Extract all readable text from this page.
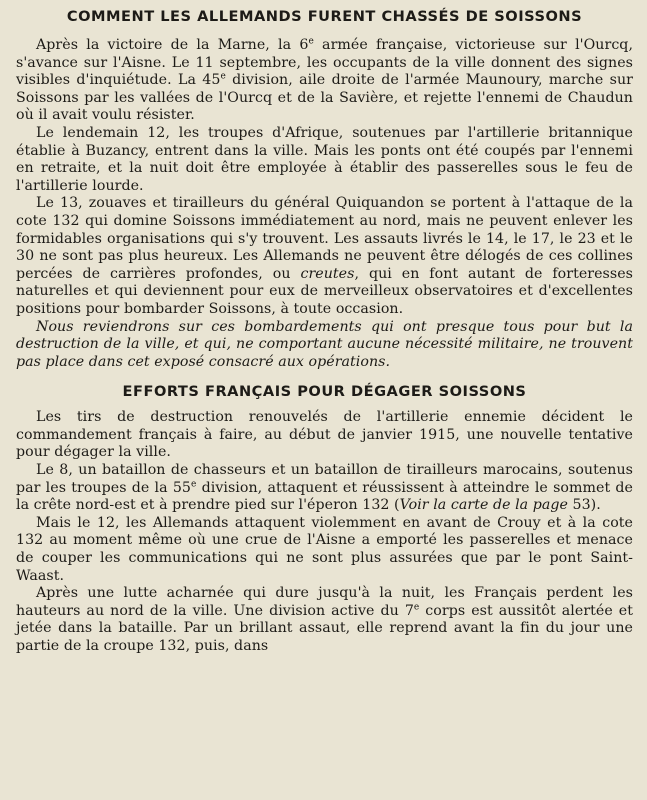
COMMENT LES ALLEMANDS FURENT CHASSÉS DE SOISSONS

Après la victoire de la Marne, la 6e armée française, victorieuse sur l'Ourcq, s'avance sur l'Aisne. Le 11 septembre, les occupants de la ville donnent des signes visibles d'inquiétude. La 45e division, aile droite de l'armée Maunoury, marche sur Soissons par les vallées de l'Ourcq et de la Savière, et rejette l'ennemi de Chaudun où il avait voulu résister.

Le lendemain 12, les troupes d'Afrique, soutenues par l'artillerie britannique établie à Buzancy, entrent dans la ville. Mais les ponts ont été coupés par l'ennemi en retraite, et la nuit doit être employée à établir des passerelles sous le feu de l'artillerie lourde.

Le 13, zouaves et tirailleurs du général Quiquandon se portent à l'attaque de la cote 132 qui domine Soissons immédiatement au nord, mais ne peuvent enlever les formidables organisations qui s'y trouvent. Les assauts livrés le 14, le 17, le 23 et le 30 ne sont pas plus heureux. Les Allemands ne peuvent être délogés de ces collines percées de carrières profondes, ou creutes, qui en font autant de forteresses naturelles et qui deviennent pour eux de merveilleux observatoires et d'excellentes positions pour bombarder Soissons, à toute occasion.

Nous reviendrons sur ces bombardements qui ont presque tous pour but la destruction de la ville, et qui, ne comportant aucune nécessité militaire, ne trouvent pas place dans cet exposé consacré aux opérations.

EFFORTS FRANÇAIS POUR DÉGAGER SOISSONS

Les tirs de destruction renouvelés de l'artillerie ennemie décident le commandement français à faire, au début de janvier 1915, une nouvelle tentative pour dégager la ville.

Le 8, un bataillon de chasseurs et un bataillon de tirailleurs marocains, soutenus par les troupes de la 55e division, attaquent et réussissent à atteindre le sommet de la crête nord-est et à prendre pied sur l'éperon 132 (Voir la carte de la page 53).

Mais le 12, les Allemands attaquent violemment en avant de Crouy et à la cote 132 au moment même où une crue de l'Aisne a emporté les passerelles et menace de couper les communications qui ne sont plus assurées que par le pont Saint-Waast.

Après une lutte acharnée qui dure jusqu'à la nuit, les Français perdent les hauteurs au nord de la ville. Une division active du 7e corps est aussitôt alertée et jetée dans la bataille. Par un brillant assaut, elle reprend avant la fin du jour une partie de la croupe 132, puis, dans
